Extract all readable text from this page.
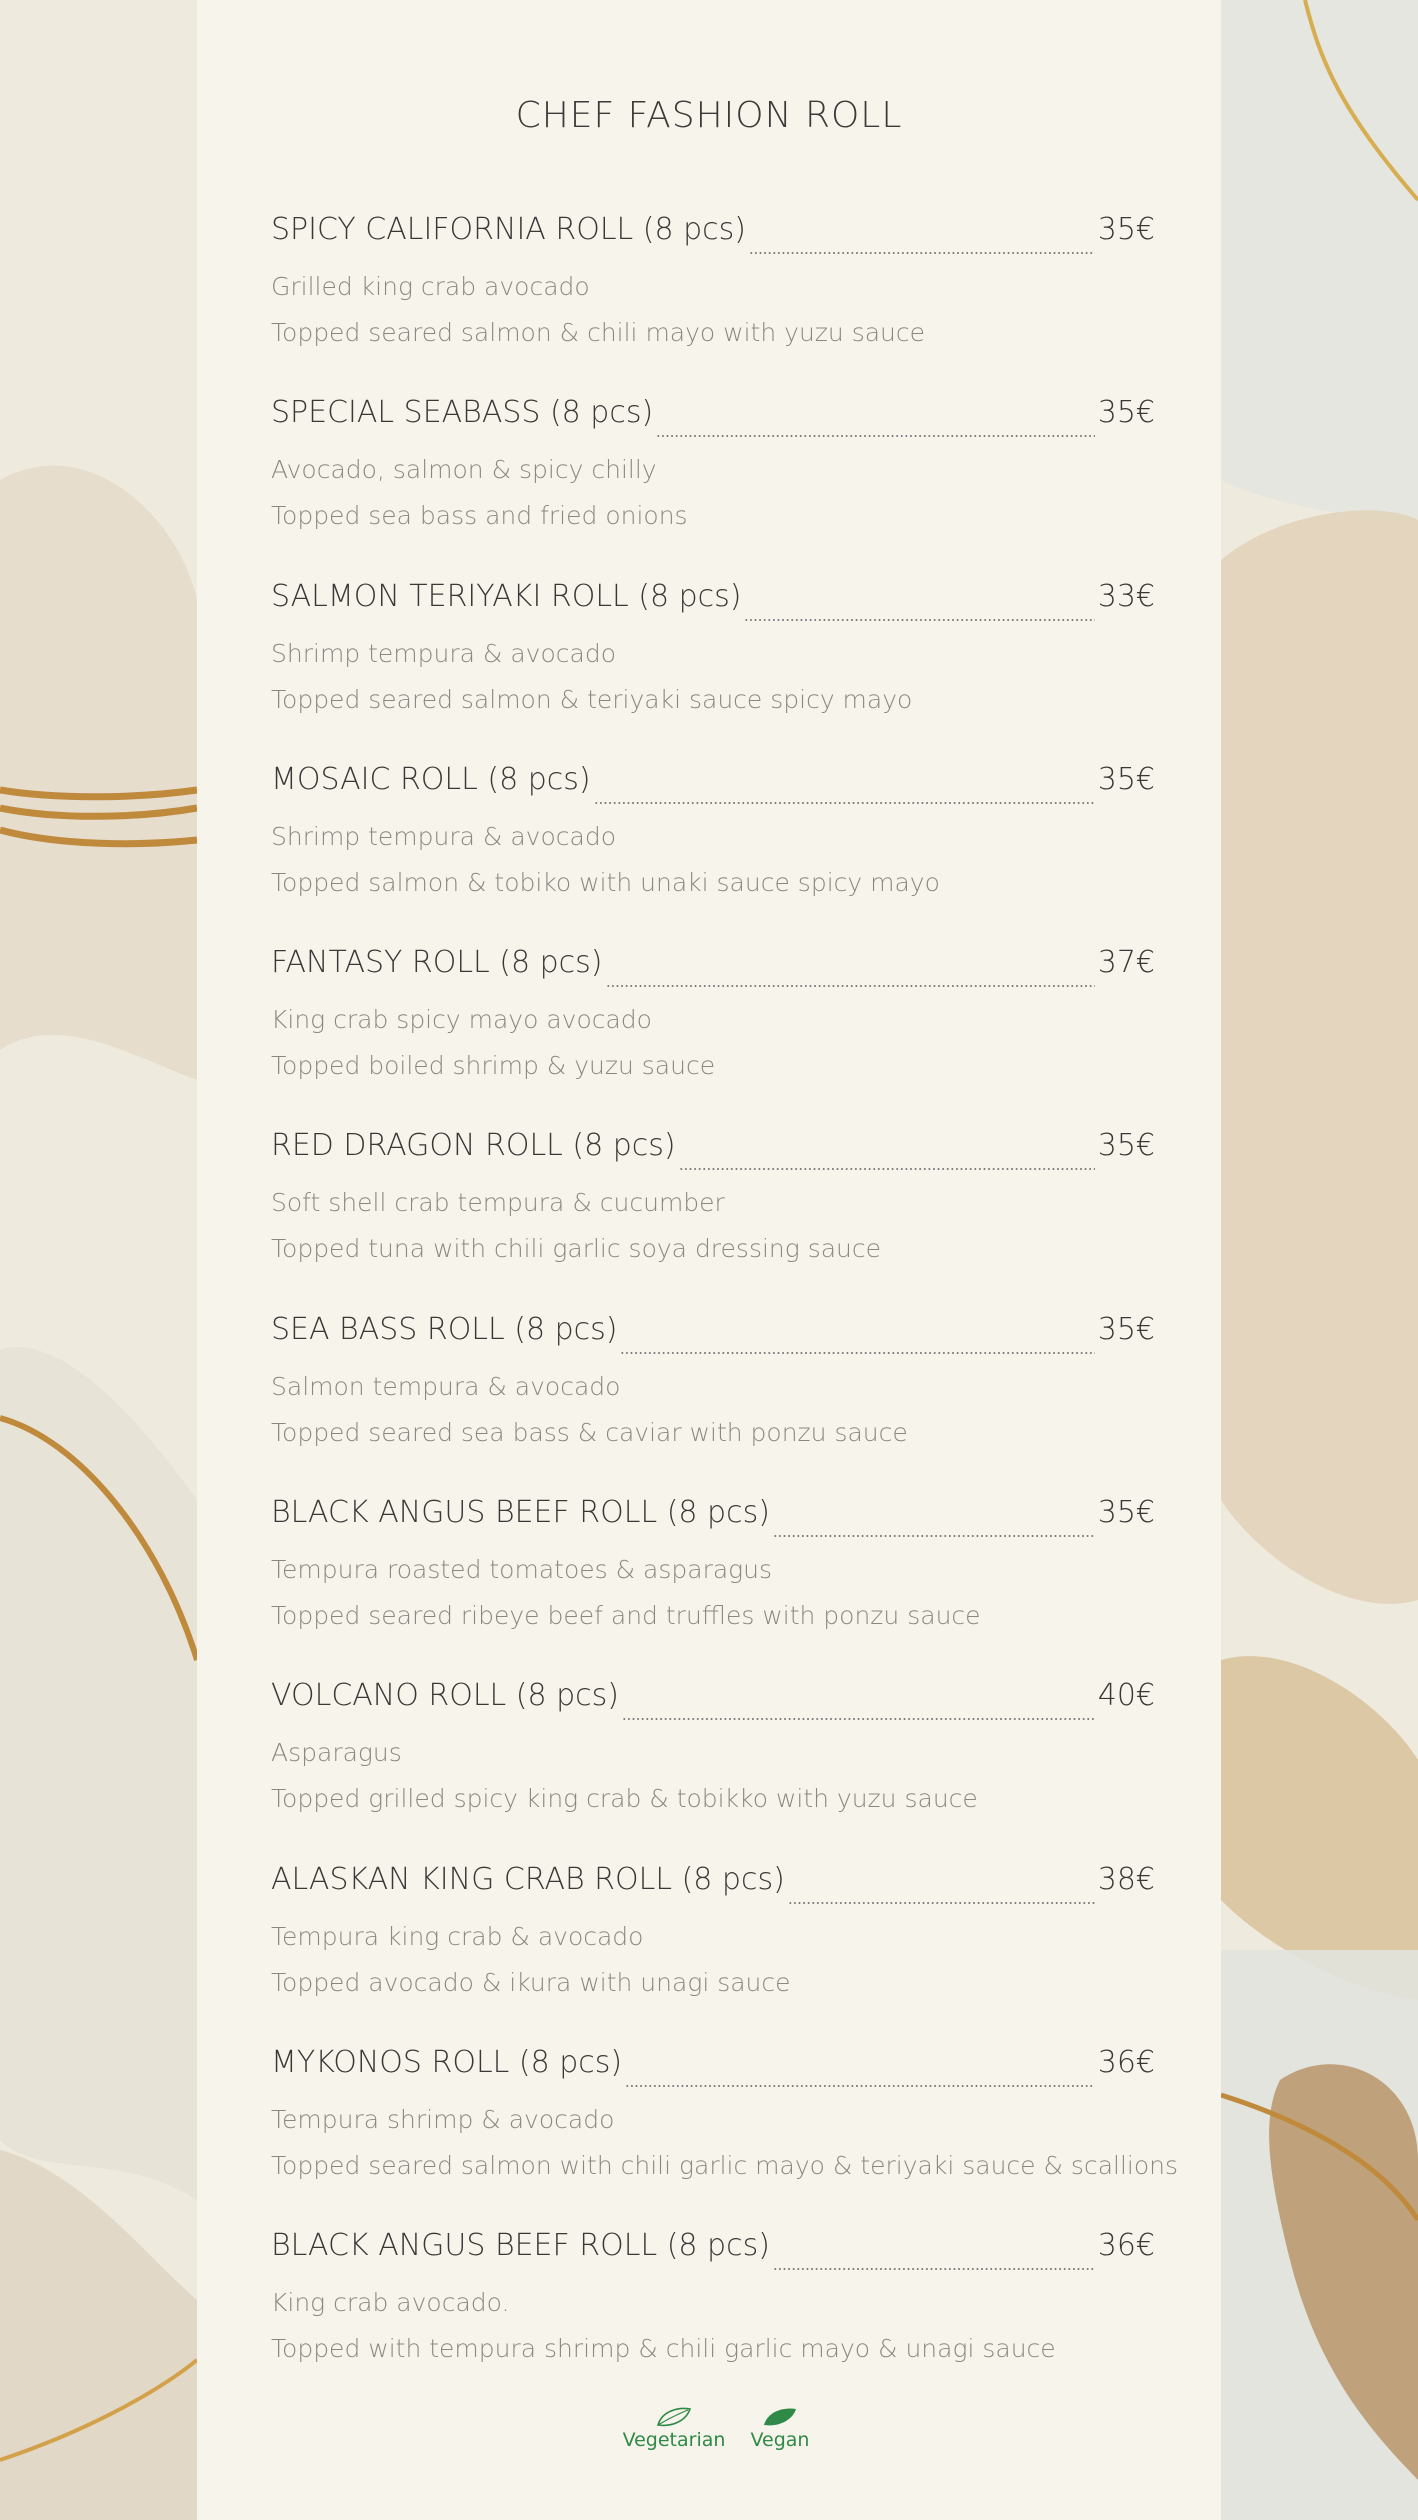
CHEF FASHION ROLL
SPICY CALIFORNIA ROLL (8 pcs)	35€
Grilled king crab avocado
Topped seared salmon & chili mayo with yuzu sauce
SPECIAL SEABASS (8 pcs)	35€
Avocado, salmon & spicy chilly
Topped sea bass and fried onions
SALMON TERIYAKI ROLL (8 pcs)	33€
Shrimp tempura & avocado
Topped seared salmon & teriyaki sauce spicy mayo
MOSAIC ROLL (8 pcs)	35€
Shrimp tempura & avocado
Topped salmon & tobiko with unaki sauce spicy mayo
FANTASY ROLL (8 pcs)	37€
King crab spicy mayo avocado
Topped boiled shrimp & yuzu sauce
RED DRAGON ROLL (8 pcs)	35€
Soft shell crab tempura & cucumber
Topped tuna with chili garlic soya dressing sauce
SEA BASS ROLL (8 pcs)	35€
Salmon tempura & avocado
Topped seared sea bass & caviar with ponzu sauce
BLACK ANGUS BEEF ROLL (8 pcs)	35€
Tempura roasted tomatoes & asparagus
Topped seared ribeye beef and truffles with ponzu sauce
VOLCANO ROLL (8 pcs)	40€
Asparagus
Topped grilled spicy king crab & tobikko with yuzu sauce
ALASKAN KING CRAB ROLL (8 pcs)	38€
Tempura king crab & avocado
Topped avocado & ikura with unagi sauce
MYKONOS ROLL (8 pcs)	36€
Tempura shrimp & avocado
Topped seared salmon with chili garlic mayo & teriyaki sauce & scallions
BLACK ANGUS BEEF ROLL (8 pcs)	36€
King crab avocado.
Topped with tempura shrimp & chili garlic mayo & unagi sauce
Vegetarian	Vegan
